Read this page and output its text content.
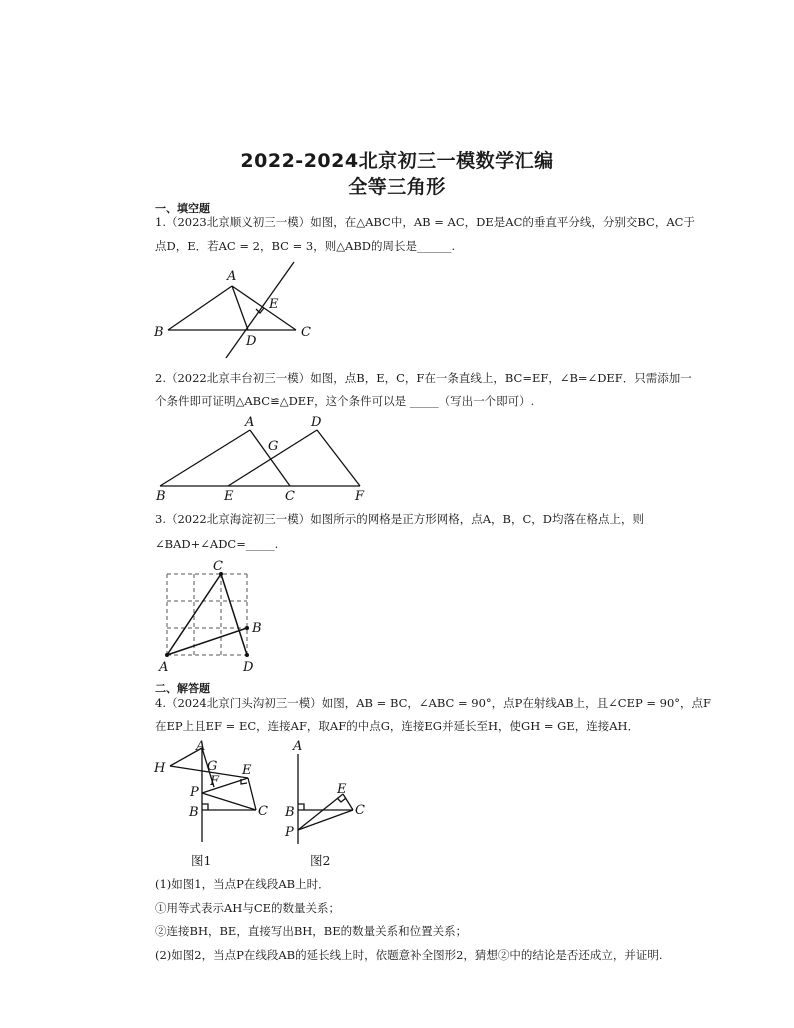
2022-2024北京初三一模数学汇编
全等三角形
一、填空题
1.（2023北京顺义初三一模）如图，在△ABC中，AB = AC，DE是AC的垂直平分线，分别交BC，AC于
点D，E．若AC = 2，BC = 3，则△ABD的周长是______.
A
B	C
D
E
2.（2022北京丰台初三一模）如图，点B，E，C，F在一条直线上，BC=EF，∠B=∠DEF．只需添加一
个条件即可证明△ABC≌△DEF，这个条件可以是 _____（写出一个即可）.
A	D
G
B	E	C	F
3.（2022北京海淀初三一模）如图所示的网格是正方形网格，点A，B，C，D均落在格点上，则
∠BAD+∠ADC=_____.
C
B
A	D
二、解答题
4.（2024北京门头沟初三一模）如图，AB = BC，∠ABC = 90°，点P在射线AB上，且∠CEP = 90°，点F
在EP上且EF = EC，连接AF，取AF的中点G，连接EG并延长至H，使GH = GE，连接AH．
A
H	G E
F
P
B	C
A
E
B	C
P
图1	图2
(1)如图1，当点P在线段AB上时．
①用等式表示AH与CE的数量关系；
②连接BH，BE，直接写出BH，BE的数量关系和位置关系；
(2)如图2，当点P在线段AB的延长线上时，依题意补全图形2，猜想②中的结论是否还成立，并证明.
